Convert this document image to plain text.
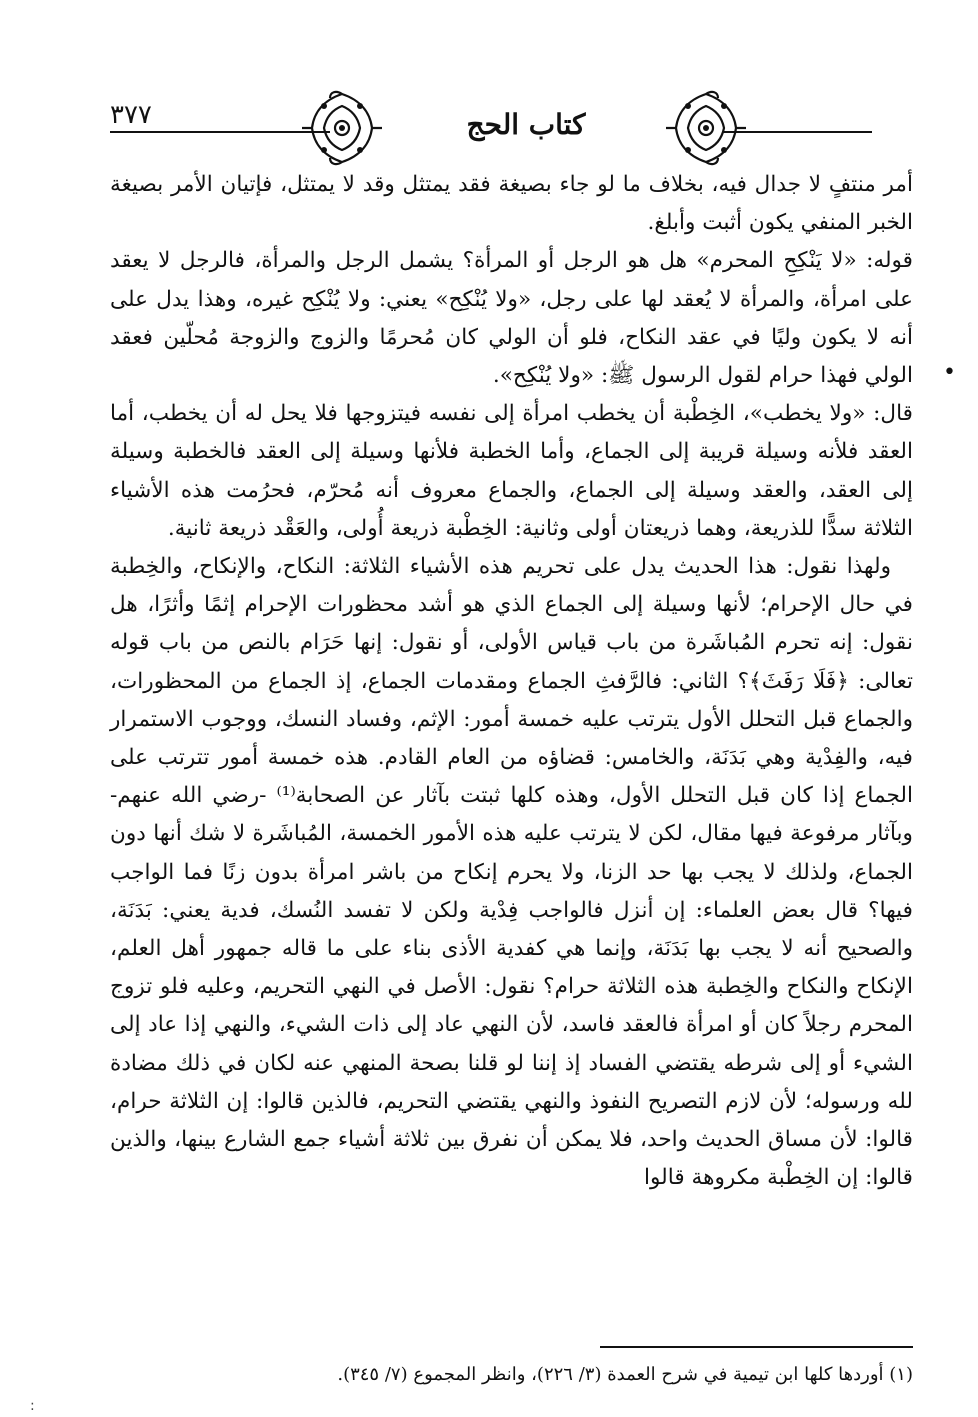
٣٧٧	كتاب الحج

أمر منتفٍ لا جدال فيه، بخلاف ما لو جاء بصيغة فقد يمتثل وقد لا يمتثل، فإتيان الأمر بصيغة الخبر المنفي يكون أثبت وأبلغ.

قوله: «لا يَنْكِحِ المحرم» هل هو الرجل أو المرأة؟ يشمل الرجل والمرأة، فالرجل لا يعقد على امرأة، والمرأة لا يُعقد لها على رجل، «ولا يُنْكِح» يعني: ولا يُنْكِح غيره، وهذا يدل على أنه لا يكون وليًا في عقد النكاح، فلو أن الولي كان مُحرمًا والزوج والزوجة مُحلّين فعقد الولي فهذا حرام لقول الرسول ﷺ: «ولا يُنْكِح».

قال: «ولا يخطب»، الخِطْبة أن يخطب امرأة إلى نفسه فيتزوجها فلا يحل له أن يخطب، أما العقد فلأنه وسيلة قريبة إلى الجماع، وأما الخطبة فلأنها وسيلة إلى العقد فالخطبة وسيلة إلى العقد، والعقد وسيلة إلى الجماع، والجماع معروف أنه مُحرّم، فحرُمت هذه الأشياء الثلاثة سدًّا للذريعة، وهما ذريعتان أولى وثانية: الخِطْبة ذريعة أُولى، والعَقْد ذريعة ثانية.

ولهذا نقول: هذا الحديث يدل على تحريم هذه الأشياء الثلاثة: النكاح، والإنكاح، والخِطبة في حال الإحرام؛ لأنها وسيلة إلى الجماع الذي هو أشد محظورات الإحرام إثمًا وأثرًا، هل نقول: إنه تحرم المُباشَرة من باب قياس الأولى، أو نقول: إنها حَرَام بالنص من باب قوله تعالى: ﴿فَلَا رَفَثَ﴾؟ الثاني: فالرَّفثِ الجماع ومقدمات الجماع، إذ الجماع من المحظورات، والجماع قبل التحلل الأول يترتب عليه خمسة أمور: الإثم، وفساد النسك، ووجوب الاستمرار فيه، والفِدْية وهي بَدَنَة، والخامس: قضاؤه من العام القادم. هذه خمسة أمور تترتب على الجماع إذا كان قبل التحلل الأول، وهذه كلها ثبتت بآثار عن الصحابة⁽¹⁾ -رضي الله عنهم- وبآثار مرفوعة فيها مقال، لكن لا يترتب عليه هذه الأمور الخمسة، المُباشَرة لا شك أنها دون الجماع، ولذلك لا يجب بها حد الزنا، ولا يحرم إنكاح من باشر امرأة بدون زنًا فما الواجب فيها؟ قال بعض العلماء: إن أنزل فالواجب فِدْية ولكن لا تفسد النُسك، فدية يعني: بَدَنَة، والصحيح أنه لا يجب بها بَدَنَة، وإنما هي كفدية الأذى بناء على ما قاله جمهور أهل العلم، الإنكاح والنكاح والخِطبة هذه الثلاثة حرام؟ نقول: الأصل في النهي التحريم، وعليه فلو تزوج المحرم رجلاً كان أو امرأة فالعقد فاسد، لأن النهي عاد إلى ذات الشيء، والنهي إذا عاد إلى الشيء أو إلى شرطه يقتضي الفساد إذ إننا لو قلنا بصحة المنهي عنه لكان في ذلك مضادة لله ورسوله؛ لأن لازم التصريح النفوذ والنهي يقتضي التحريم، فالذين قالوا: إن الثلاثة حرام، قالوا: لأن مساق الحديث واحد، فلا يمكن أن نفرق بين ثلاثة أشياء جمع الشارع بينها، والذين قالوا: إن الخِطْبة مكروهة قالوا

•
(١) أوردها كلها ابن تيمية في شرح العمدة (٣/ ٢٢٦)، وانظر المجموع (٧/ ٣٤٥).
:
